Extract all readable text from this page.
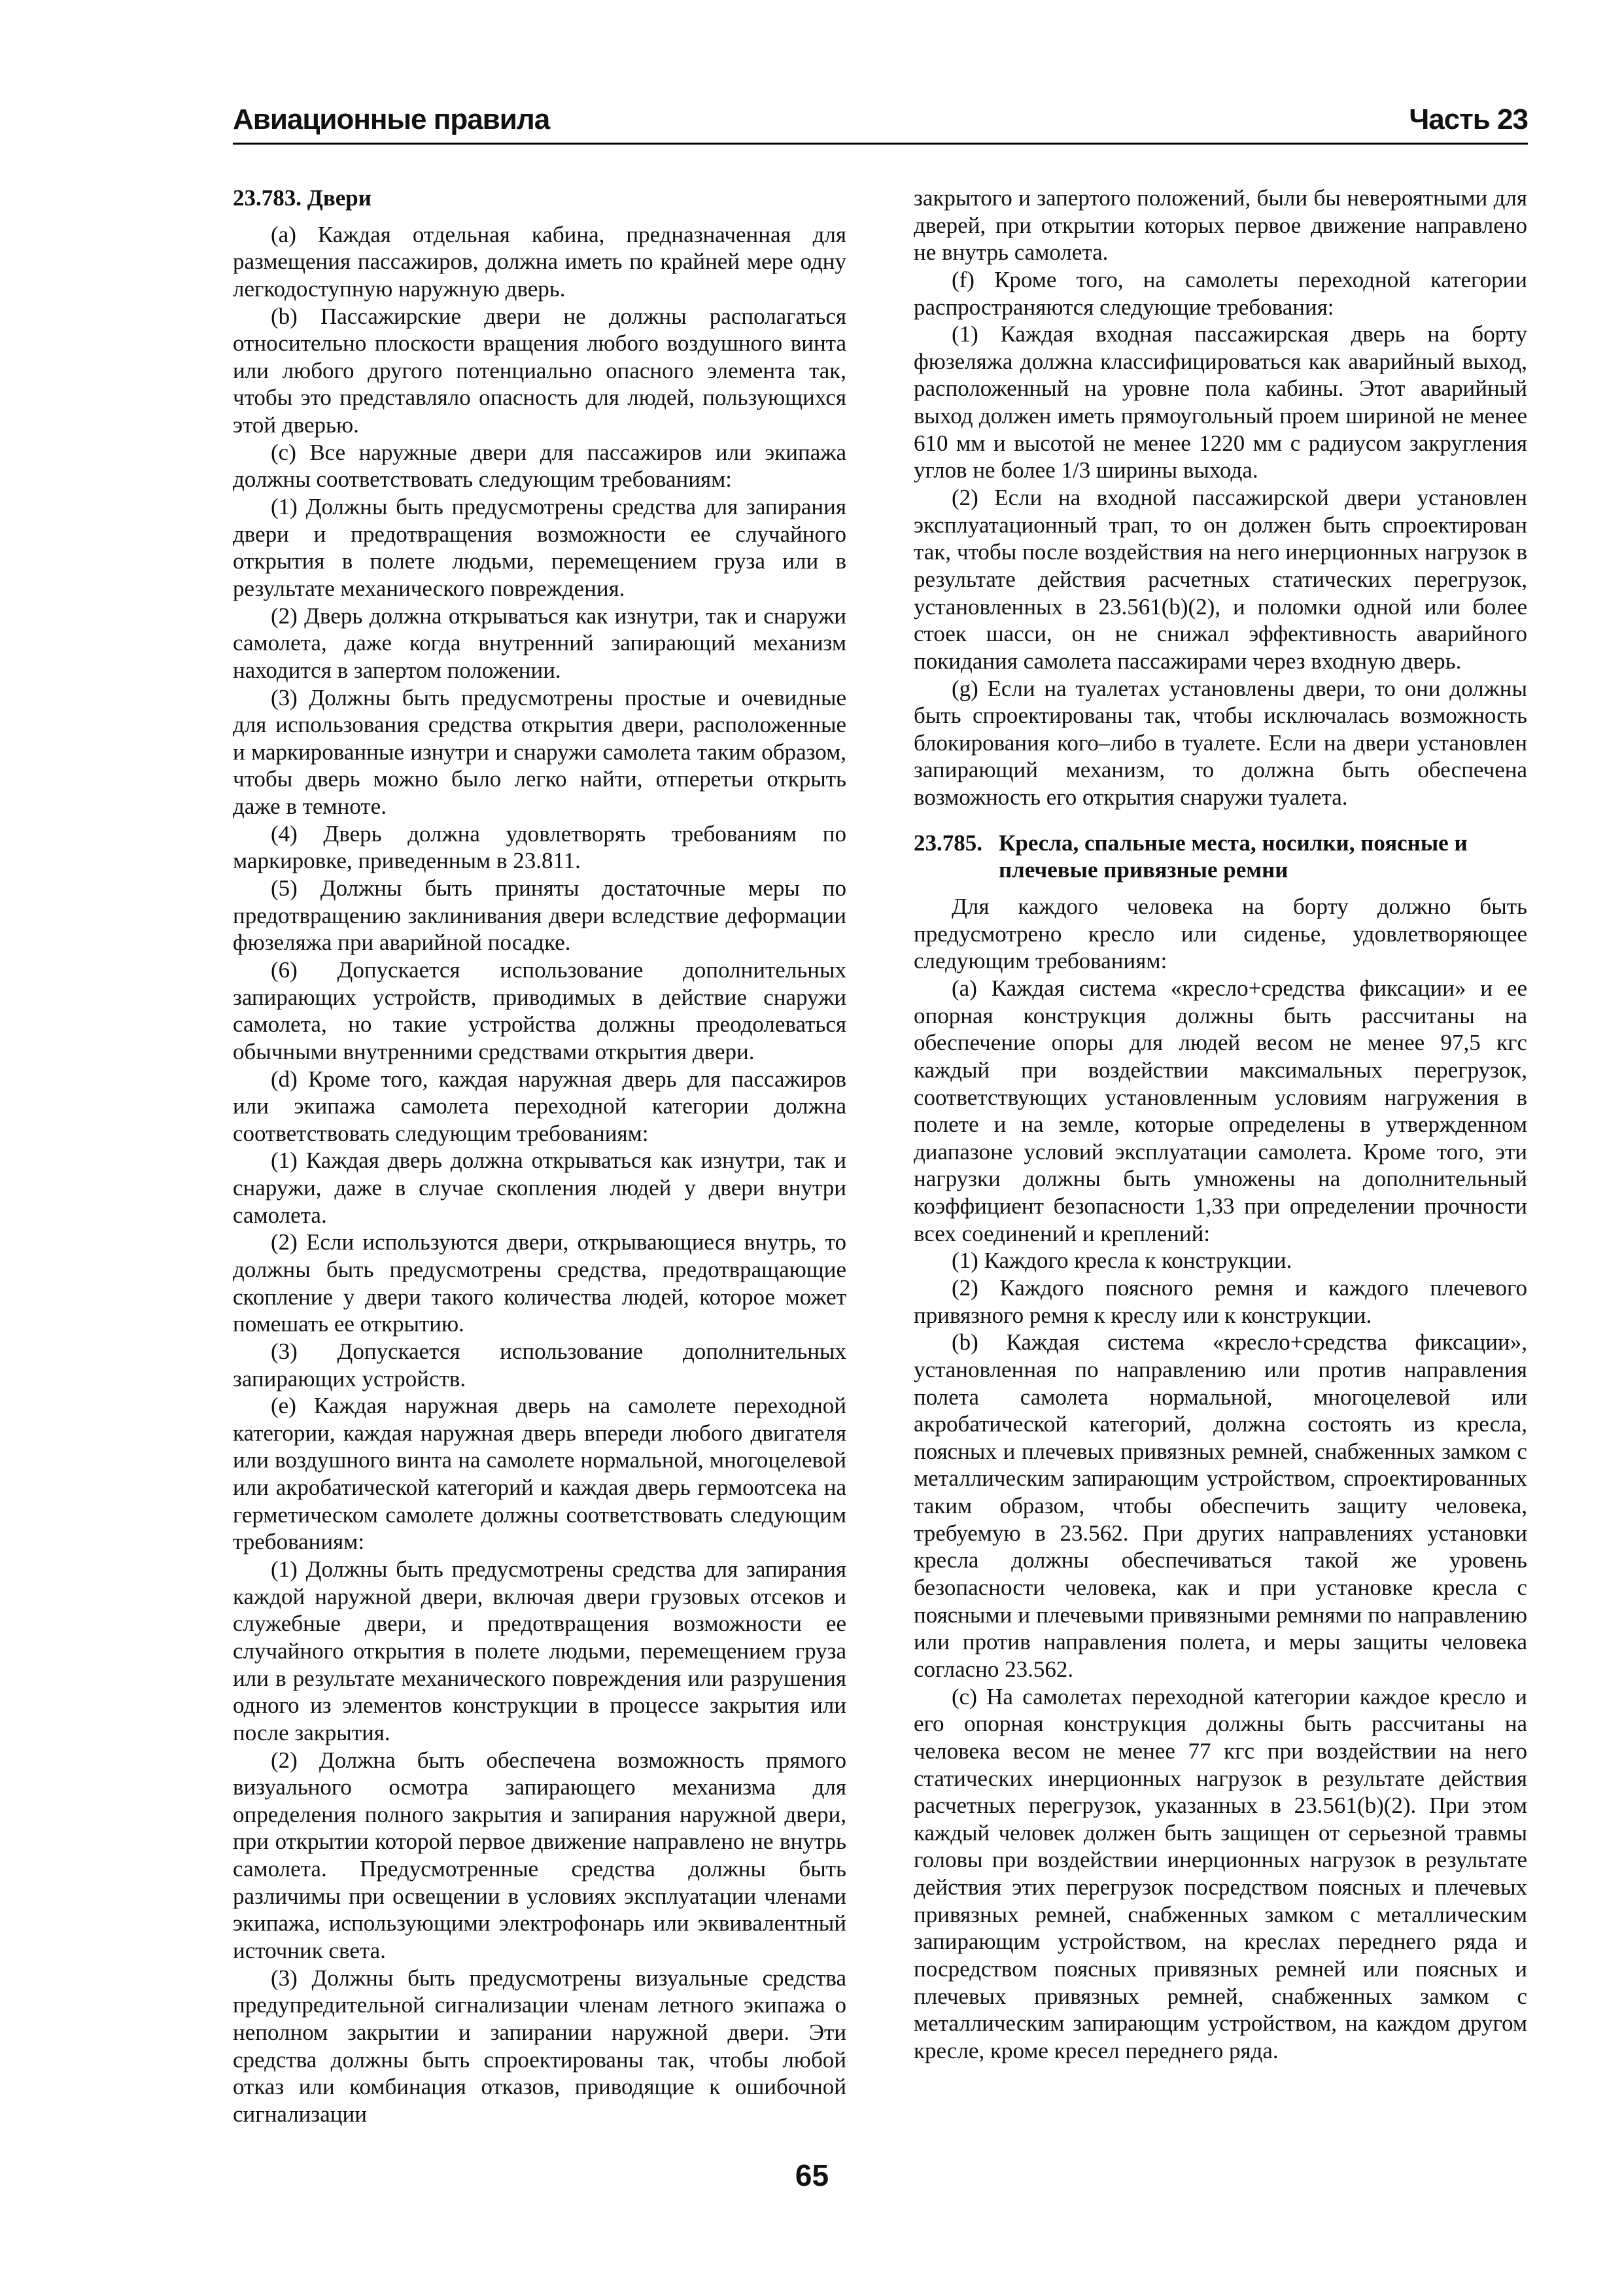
Авиационные правила	Часть 23
23.783. Двери

(a) Каждая отдельная кабина, предназначенная для размещения пассажиров, должна иметь по крайней мере одну легкодоступную наружную дверь.

(b) Пассажирские двери не должны располагаться относительно плоскости вращения любого воздушного винта или любого другого потенциально опасного элемента так, чтобы это представляло опасность для людей, пользующихся этой дверью.

(c) Все наружные двери для пассажиров или экипажа должны соответствовать следующим требованиям:

(1) Должны быть предусмотрены средства для запирания двери и предотвращения возможности ее случайного открытия в полете людьми, перемещением груза или в результате механического повреждения.

(2) Дверь должна открываться как изнутри, так и снаружи самолета, даже когда внутренний запирающий механизм находится в запертом положении.

(3) Должны быть предусмотрены простые и очевидные для использования средства открытия двери, расположенные и маркированные изнутри и снаружи самолета таким образом, чтобы дверь можно было легко найти, отперетьи открыть даже в темноте.

(4) Дверь должна удовлетворять требованиям по маркировке, приведенным в 23.811.

(5) Должны быть приняты достаточные меры по предотвращению заклинивания двери вследствие деформации фюзеляжа при аварийной посадке.

(6) Допускается использование дополнительных запирающих устройств, приводимых в действие снаружи самолета, но такие устройства должны преодолеваться обычными внутренними средствами открытия двери.

(d) Кроме того, каждая наружная дверь для пассажиров или экипажа самолета переходной категории должна соответствовать следующим требованиям:

(1) Каждая дверь должна открываться как изнутри, так и снаружи, даже в случае скопления людей у двери внутри самолета.

(2) Если используются двери, открывающиеся внутрь, то должны быть предусмотрены средства, предотвращающие скопление у двери такого количества людей, которое может помешать ее открытию.

(3) Допускается использование дополнительных запирающих устройств.

(e) Каждая наружная дверь на самолете переходной категории, каждая наружная дверь впереди любого двигателя или воздушного винта на самолете нормальной, многоцелевой или акробатической категорий и каждая дверь гермоотсека на герметическом самолете должны соответствовать следующим требованиям:

(1) Должны быть предусмотрены средства для запирания каждой наружной двери, включая двери грузовых отсеков и служебные двери, и предотвращения возможности ее случайного открытия в полете людьми, перемещением груза или в результате механического повреждения или разрушения одного из элементов конструкции в процессе закрытия или после закрытия.

(2) Должна быть обеспечена возможность прямого визуального осмотра запирающего механизма для определения полного закрытия и запирания наружной двери, при открытии которой первое движение направлено не внутрь самолета. Предусмотренные средства должны быть различимы при освещении в условиях эксплуатации членами экипажа, использующими электрофонарь или эквивалентный источник света.

(3) Должны быть предусмотрены визуальные средства предупредительной сигнализации членам летного экипажа о неполном закрытии и запирании наружной двери. Эти средства должны быть спроектированы так, чтобы любой отказ или комбинация отказов, приводящие к ошибочной сигнализации

закрытого и запертого положений, были бы невероятными для дверей, при открытии которых первое движение направлено не внутрь самолета.

(f) Кроме того, на самолеты переходной категории распространяются следующие требования:

(1) Каждая входная пассажирская дверь на борту фюзеляжа должна классифицироваться как аварийный выход, расположенный на уровне пола кабины. Этот аварийный выход должен иметь прямоугольный проем шириной не менее 610 мм и высотой не менее 1220 мм с радиусом закругления углов не более 1/3 ширины выхода.

(2) Если на входной пассажирской двери установлен эксплуатационный трап, то он должен быть спроектирован так, чтобы после воздействия на него инерционных нагрузок в результате действия расчетных статических перегрузок, установленных в 23.561(b)(2), и поломки одной или более стоек шасси, он не снижал эффективность аварийного покидания самолета пассажирами через входную дверь.

(g) Если на туалетах установлены двери, то они должны быть спроектированы так, чтобы исключалась возможность блокирования кого–либо в туалете. Если на двери установлен запирающий механизм, то должна быть обеспечена возможность его открытия снаружи туалета.

23.785. Кресла, спальные места, носилки, поясные и плечевые привязные ремни

Для каждого человека на борту должно быть предусмотрено кресло или сиденье, удовлетворяющее следующим требованиям:

(a) Каждая система «кресло+средства фиксации» и ее опорная конструкция должны быть рассчитаны на обеспечение опоры для людей весом не менее 97,5 кгс каждый при воздействии максимальных перегрузок, соответствующих установленным условиям нагружения в полете и на земле, которые определены в утвержденном диапазоне условий эксплуатации самолета. Кроме того, эти нагрузки должны быть умножены на дополнительный коэффициент безопасности 1,33 при определении прочности всех соединений и креплений:

(1) Каждого кресла к конструкции.

(2) Каждого поясного ремня и каждого плечевого привязного ремня к креслу или к конструкции.

(b) Каждая система «кресло+средства фиксации», установленная по направлению или против направления полета самолета нормальной, многоцелевой или акробатической категорий, должна состоять из кресла, поясных и плечевых привязных ремней, снабженных замком с металлическим запирающим устройством, спроектированных таким образом, чтобы обеспечить защиту человека, требуемую в 23.562. При других направлениях установки кресла должны обеспечиваться такой же уровень безопасности человека, как и при установке кресла с поясными и плечевыми привязными ремнями по направлению или против направления полета, и меры защиты человека согласно 23.562.

(c) На самолетах переходной категории каждое кресло и его опорная конструкция должны быть рассчитаны на человека весом не менее 77 кгс при воздействии на него статических инерционных нагрузок в результате действия расчетных перегрузок, указанных в 23.561(b)(2). При этом каждый человек должен быть защищен от серьезной травмы головы при воздействии инерционных нагрузок в результате действия этих перегрузок посредством поясных и плечевых привязных ремней, снабженных замком с металлическим запирающим устройством, на креслах переднего ряда и посредством поясных привязных ремней или поясных и плечевых привязных ремней, снабженных замком с металлическим запирающим устройством, на каждом другом кресле, кроме кресел переднего ряда.

65
